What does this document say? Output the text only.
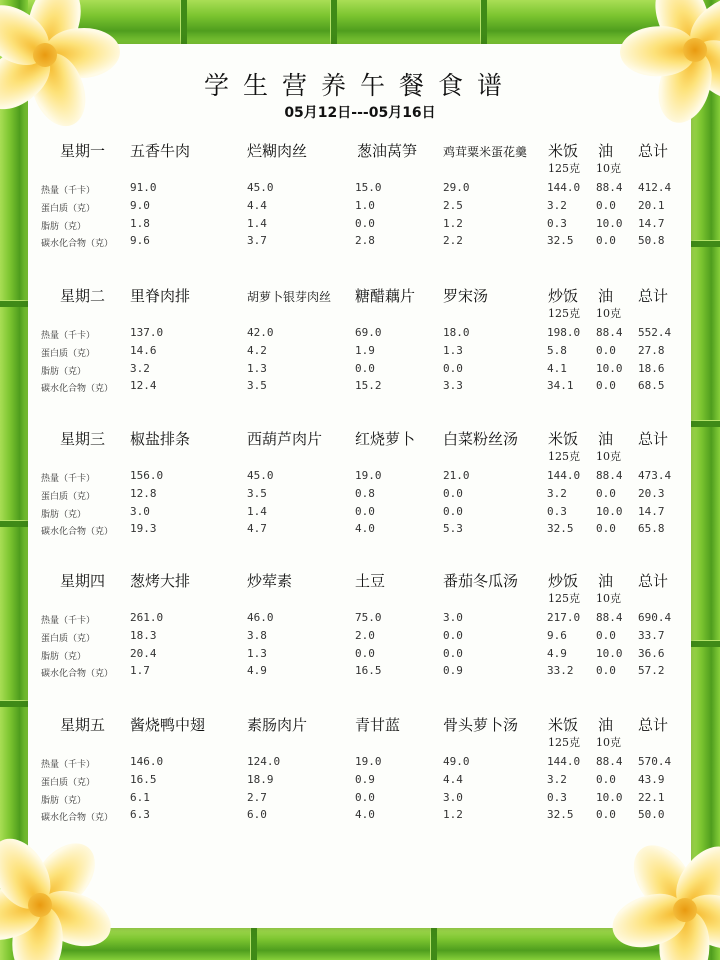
学生营养午餐食谱
05月12日---05月16日
星期一 五香牛肉	烂糊肉丝	葱油莴笋 鸡茸粟米蛋花羹 米饭 油 总计
125克 10克
热量（千卡）	91.0	45.0	15.0	29.0	144.0 88.4 412.4
蛋白质（克）	9.0	4.4	1.0	2.5	3.2	0.0 20.1
脂肪（克）	1.8	1.4	0.0	1.2	0.3	10.0 14.7
碳水化合物（克） 9.6	3.7	2.8	2.2	32.5 0.0 50.8
星期二 里脊肉排	胡萝卜银芽肉丝 糖醋藕片 罗宋汤	炒饭 油 总计
125克 10克
热量（千卡）	137.0	42.0	69.0	18.0	198.0 88.4 552.4
蛋白质（克）	14.6	4.2	1.9	1.3	5.8	0.0 27.8
脂肪（克）	3.2	1.3	0.0	0.0	4.1	10.0 18.6
碳水化合物（克） 12.4	3.5	15.2	3.3	34.1 0.0 68.5
星期三 椒盐排条	西葫芦肉片 红烧萝卜 白菜粉丝汤 米饭 油 总计
125克 10克
热量（千卡）	156.0	45.0	19.0	21.0	144.0 88.4 473.4
蛋白质（克）	12.8	3.5	0.8	0.0	3.2	0.0 20.3
脂肪（克）	3.0	1.4	0.0	0.0	0.3	10.0 14.7
碳水化合物（克） 19.3	4.7	4.0	5.3	32.5 0.0 65.8
星期四 葱烤大排	炒荤素	土豆	番茄冬瓜汤 炒饭 油 总计
125克 10克
热量（千卡）	261.0	46.0	75.0	3.0	217.0 88.4 690.4
蛋白质（克）	18.3	3.8	2.0	0.0	9.6	0.0 33.7
脂肪（克）	20.4	1.3	0.0	0.0	4.9	10.0 36.6
碳水化合物（克） 1.7	4.9	16.5	0.9	33.2 0.0 57.2
星期五 酱烧鸭中翅	素肠肉片	青甘蓝	骨头萝卜汤 米饭 油 总计
125克 10克
热量（千卡）	146.0	124.0	19.0	49.0	144.0 88.4 570.4
蛋白质（克）	16.5	18.9	0.9	4.4	3.2	0.0 43.9
脂肪（克）	6.1	2.7	0.0	3.0	0.3	10.0 22.1
碳水化合物（克） 6.3	6.0	4.0	1.2	32.5 0.0 50.0
